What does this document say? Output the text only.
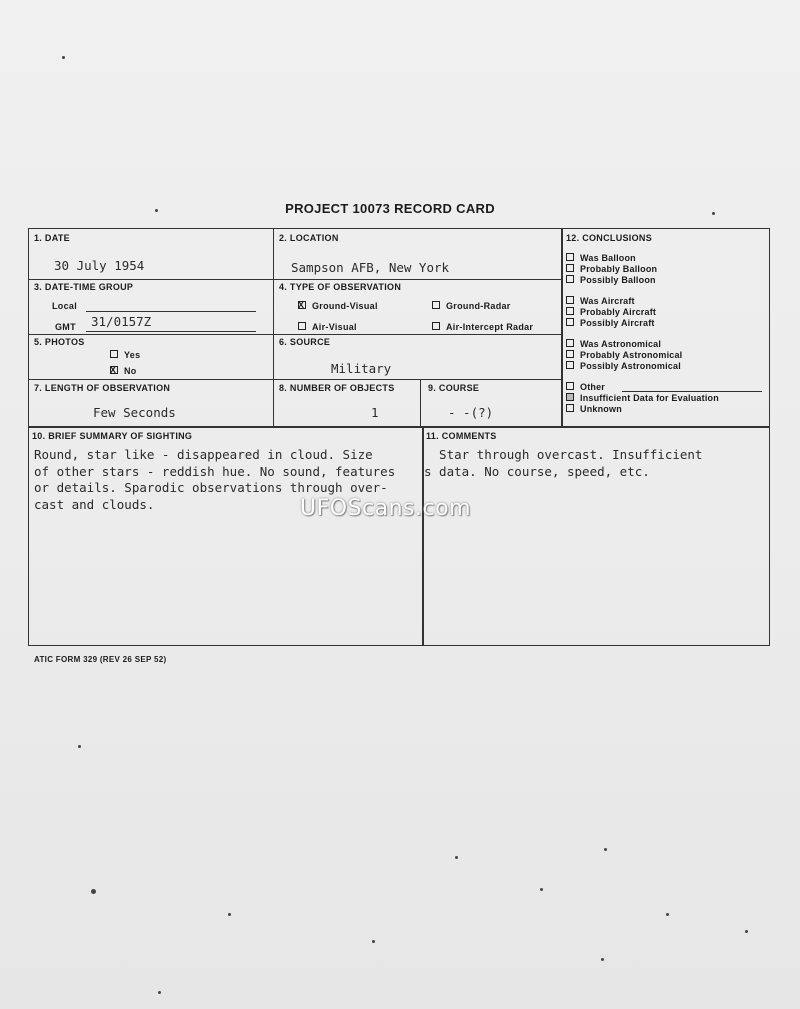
PROJECT 10073 RECORD CARD
1. DATE
30 July 1954
2. LOCATION
Sampson AFB, New York
3. DATE-TIME GROUP
Local
GMT 31/0157Z
4. TYPE OF OBSERVATION
Ground-Visual
X	Ground-Radar
Air-Visual	Air-Intercept Radar
5. PHOTOS
Yes
No
X
6. SOURCE
Military
7. LENGTH OF OBSERVATION
Few Seconds
8. NUMBER OF OBJECTS
1
9. COURSE
- -(?)
12. CONCLUSIONS
Was Balloon
Probably Balloon
Possibly Balloon
Was Aircraft
Probably Aircraft
Possibly Aircraft
Was Astronomical
Probably Astronomical
Possibly Astronomical
Other
Insufficient Data for Evaluation
Unknown
10. BRIEF SUMMARY OF SIGHTING
Round, star like - disappeared in cloud. Size
of other stars - reddish hue. No sound, features
or details. Sparodic observations through over-
cast and clouds.
11. COMMENTS
Star through overcast. Insufficient
s data. No course, speed, etc.
UFOScans.com
ATIC FORM 329 (REV 26 SEP 52)
